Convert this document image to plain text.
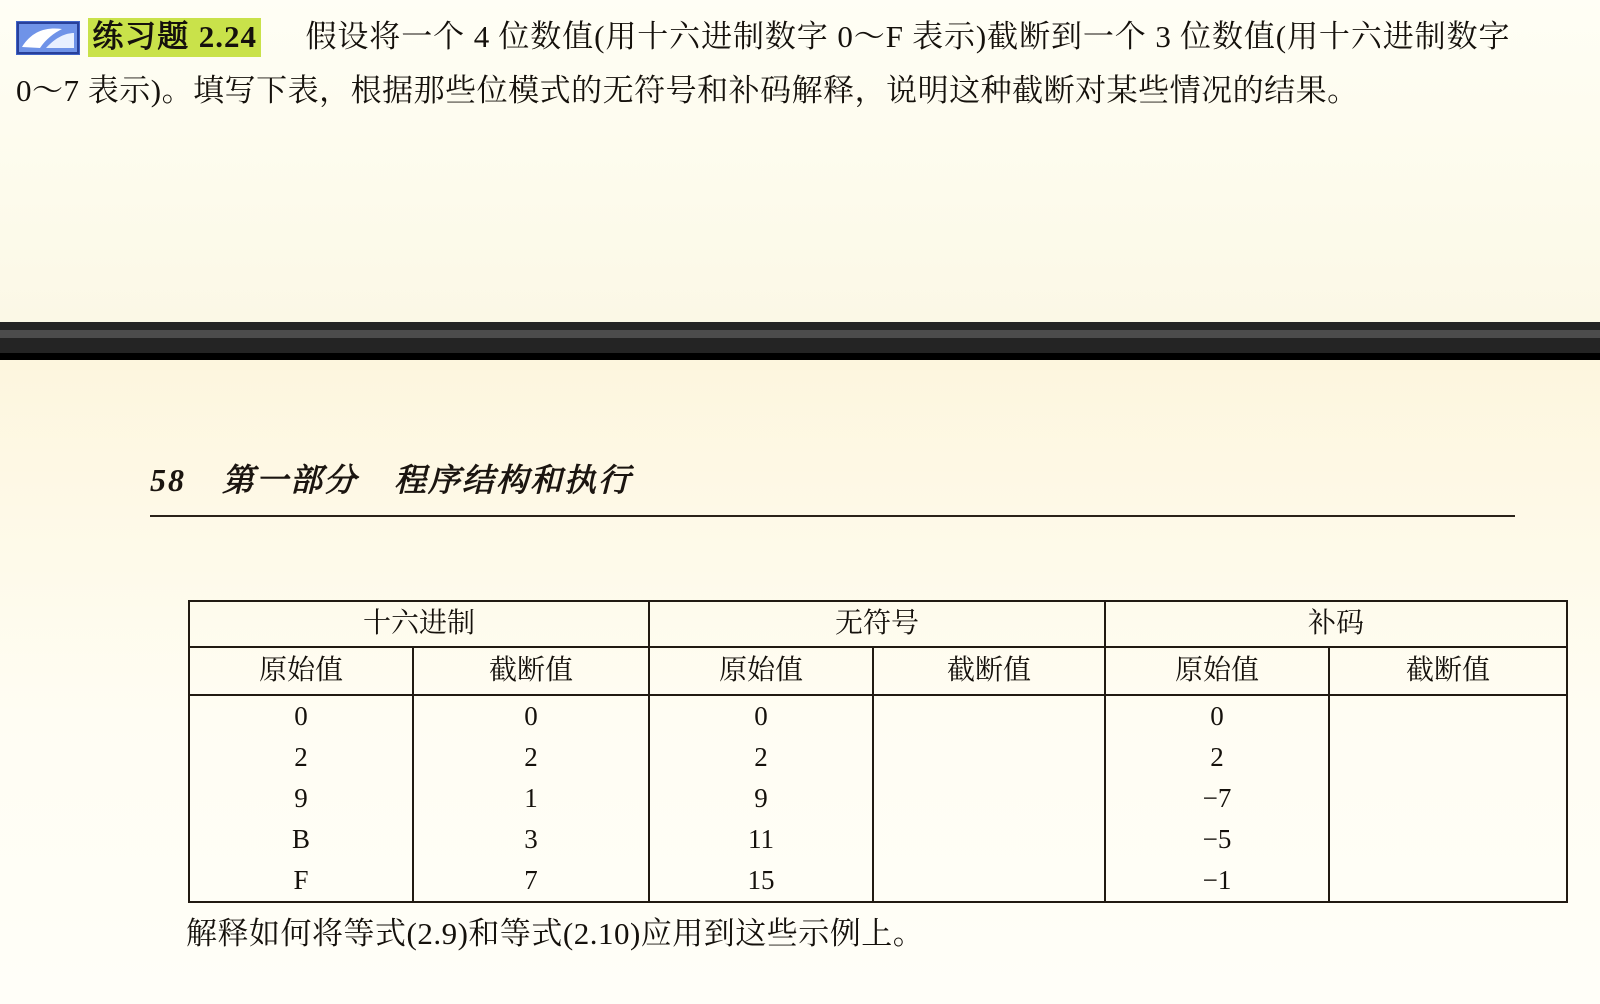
练习题 2.24 假设将一个 4 位数值(用十六进制数字 0～F 表示)截断到一个 3 位数值(用十六进制数字 0～7 表示)。填写下表，根据那些位模式的无符号和补码解释，说明这种截断对某些情况的结果。
58 第一部分 程序结构和执行
十六进制		无符号		补码	
原始值	截断值	原始值	截断值	原始值	截断值
0	0	0		0	
2	2	2		2	
9	1	9		−7	
B	3	11		−5	
F	7	15		−1	
解释如何将等式(2.9)和等式(2.10)应用到这些示例上。
